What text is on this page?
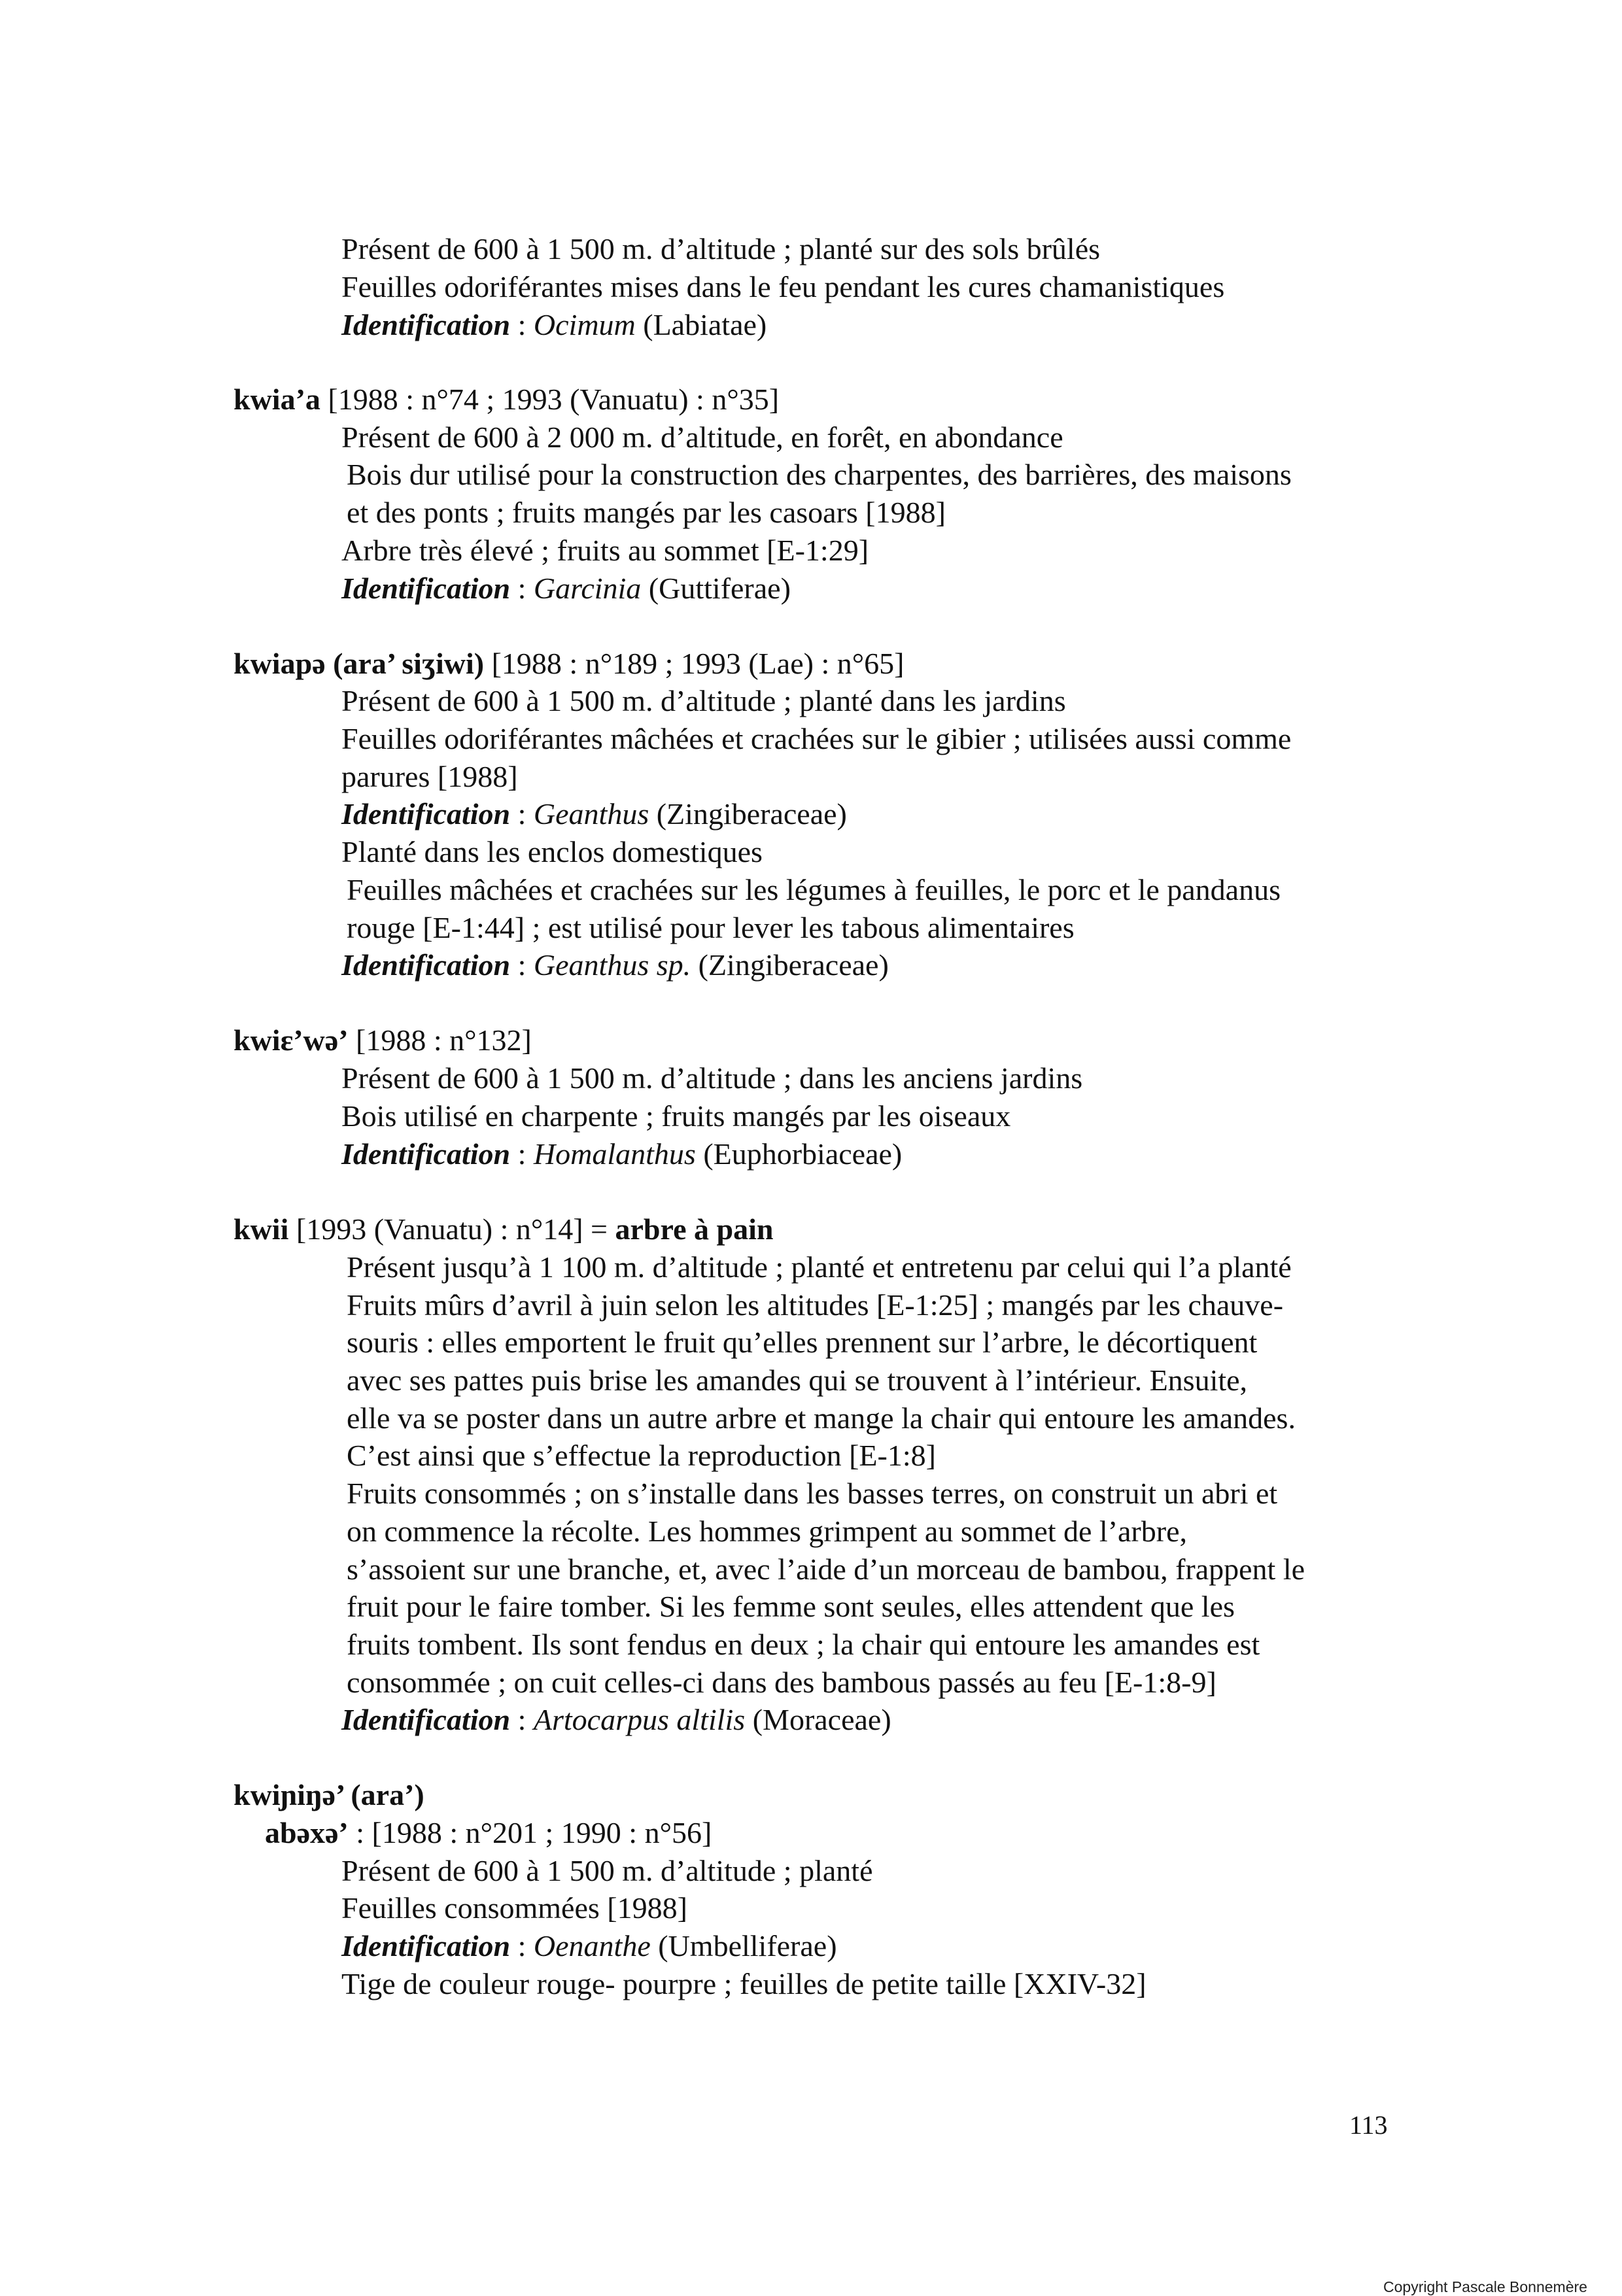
Présent de 600 à 1 500 m. d’altitude ; planté sur des sols brûlés
Feuilles odoriférantes mises dans le feu pendant les cures chamanistiques
Identification : Ocimum (Labiatae)
kwia’a [1988 : n°74 ; 1993 (Vanuatu) : n°35]
Présent de 600 à 2 000 m. d’altitude, en forêt, en abondance
Bois dur utilisé pour la construction des charpentes, des barrières, des maisons
et des ponts ; fruits mangés par les casoars [1988]
Arbre très élevé ; fruits au sommet [E-1:29]
Identification : Garcinia (Guttiferae)
kwiapə (ara’ siʒiwi) [1988 : n°189 ; 1993 (Lae) : n°65]
Présent de 600 à 1 500 m. d’altitude ; planté dans les jardins
Feuilles odoriférantes mâchées et crachées sur le gibier ; utilisées aussi comme
parures [1988]
Identification : Geanthus (Zingiberaceae)
Planté dans les enclos domestiques
Feuilles mâchées et crachées sur les légumes à feuilles, le porc et le pandanus
rouge [E-1:44] ; est utilisé pour lever les tabous alimentaires
Identification : Geanthus sp. (Zingiberaceae)
kwiɛ’wə’ [1988 : n°132]
Présent de 600 à 1 500 m. d’altitude ; dans les anciens jardins
Bois utilisé en charpente ; fruits mangés par les oiseaux
Identification : Homalanthus (Euphorbiaceae)
kwii [1993 (Vanuatu) : n°14] = arbre à pain
Présent jusqu’à 1 100 m. d’altitude ; planté et entretenu par celui qui l’a planté
Fruits mûrs d’avril à juin selon les altitudes [E-1:25] ; mangés par les chauve-
souris : elles emportent le fruit qu’elles prennent sur l’arbre, le décortiquent
avec ses pattes puis brise les amandes qui se trouvent à l’intérieur. Ensuite,
elle va se poster dans un autre arbre et mange la chair qui entoure les amandes.
C’est ainsi que s’effectue la reproduction [E-1:8]
Fruits consommés ; on s’installe dans les basses terres, on construit un abri et
on commence la récolte. Les hommes grimpent au sommet de l’arbre,
s’assoient sur une branche, et, avec l’aide d’un morceau de bambou, frappent le
fruit pour le faire tomber. Si les femme sont seules, elles attendent que les
fruits tombent. Ils sont fendus en deux ; la chair qui entoure les amandes est
consommée ; on cuit celles-ci dans des bambous passés au feu [E-1:8-9]
Identification : Artocarpus altilis (Moraceae)
kwiɲiŋə’ (ara’)
abəxə’ : [1988 : n°201 ; 1990 : n°56]
Présent de 600 à 1 500 m. d’altitude ; planté
Feuilles consommées [1988]
Identification : Oenanthe (Umbelliferae)
Tige de couleur rouge- pourpre ; feuilles de petite taille [XXIV-32]
113
Copyright Pascale Bonnemère
